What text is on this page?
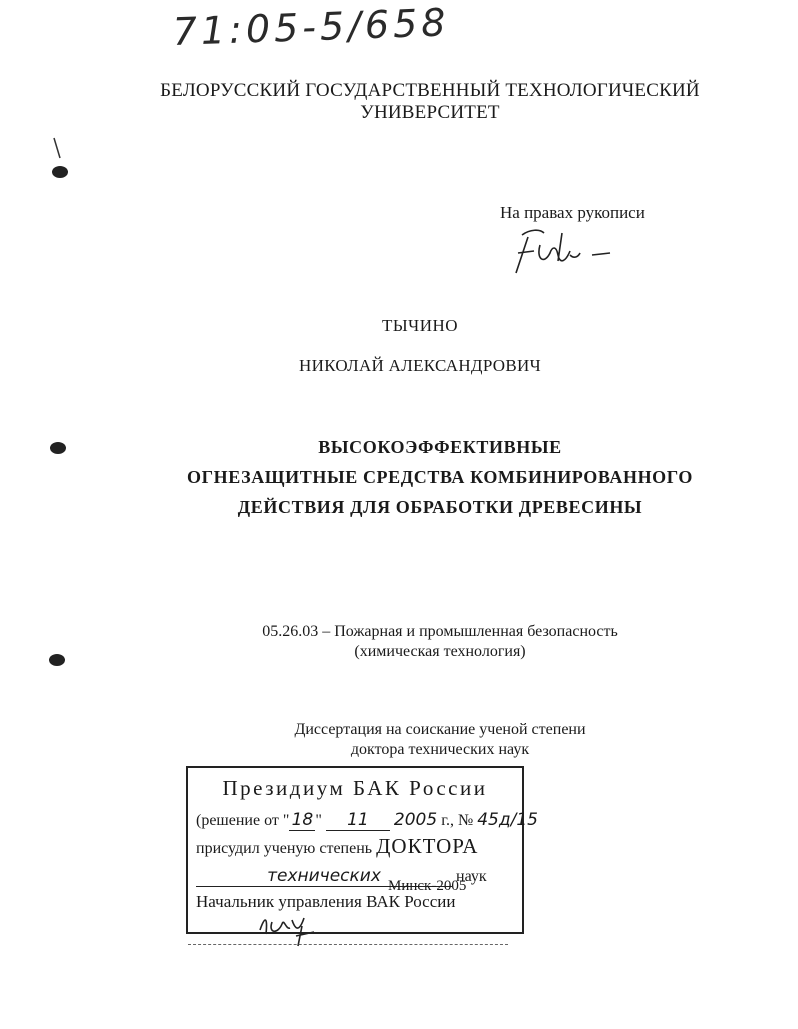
71:05-5/658
БЕЛОРУССКИЙ ГОСУДАРСТВЕННЫЙ ТЕХНОЛОГИЧЕСКИЙ
УНИВЕРСИТЕТ
На правах рукописи
ТЫЧИНО
НИКОЛАЙ АЛЕКСАНДРОВИЧ
ВЫСОКОЭФФЕКТИВНЫЕ
ОГНЕЗАЩИТНЫЕ СРЕДСТВА КОМБИНИРОВАННОГО
ДЕЙСТВИЯ ДЛЯ ОБРАБОТКИ ДРЕВЕСИНЫ
05.26.03 – Пожарная и промышленная безопасность
(химическая технология)
Диссертация на соискание ученой степени
доктора технических наук
Президиум БАК России
(решение от " 18 " 11 2005 г., № 45д/15
присудил ученую степень ДОКТОРА
технических	наук
Начальник управления ВАК России
Минск-2005
